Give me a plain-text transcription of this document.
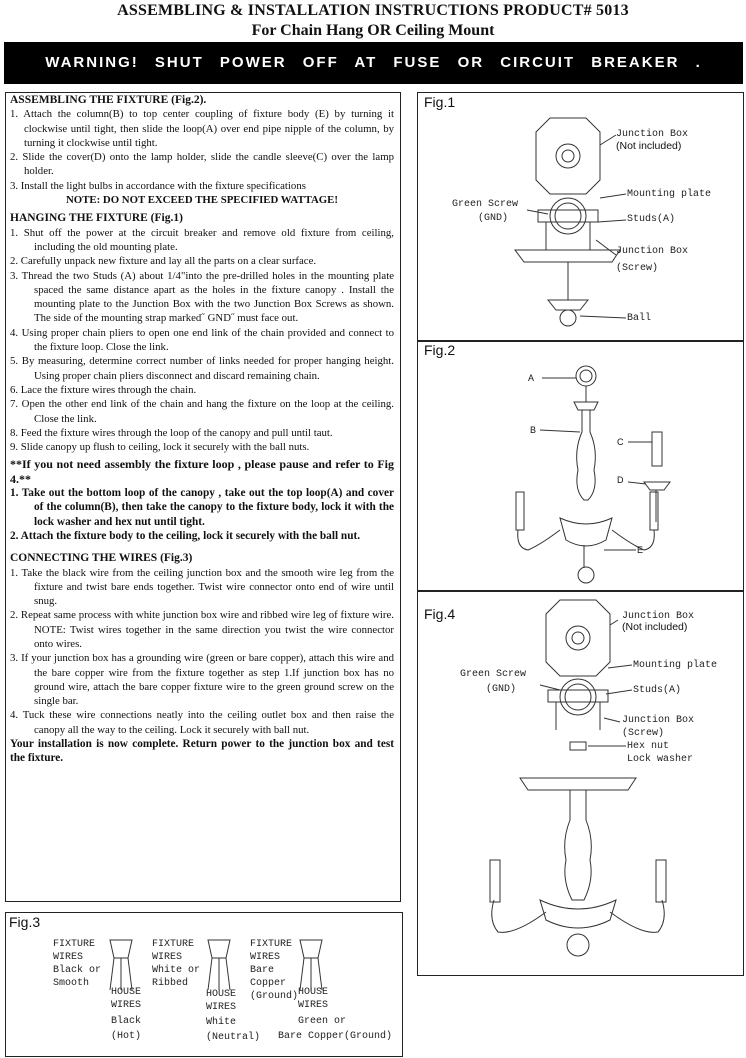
ASSEMBLING & INSTALLATION INSTRUCTIONS PRODUCT# 5013
For Chain Hang OR Ceiling Mount
WARNING! SHUT POWER OFF AT FUSE OR CIRCUIT BREAKER .

ASSEMBLING THE FIXTURE (Fig.2).

1. Attach the column(B) to top center coupling of fixture body (E) by turning it clockwise until tight, then slide the loop(A) over end pipe nipple of the column, by turning it clockwise until tight.

2. Slide the cover(D) onto the lamp holder, slide the candle sleeve(C) over the lamp holder.

3. Install the light bulbs in accordance with the fixture specifications

NOTE: DO NOT EXCEED THE SPECIFIED WATTAGE!

HANGING THE FIXTURE (Fig.1)

1. Shut off the power at the circuit breaker and remove old fixture from ceiling, including the old mounting plate.

2. Carefully unpack new fixture and lay all the parts on a clear surface.

3. Thread the two Studs (A) about 1/4"into the pre-drilled holes in the mounting plate spaced the same distance apart as the holes in the fixture canopy . Install the mounting plate to the Junction Box with the two Junction Box Screws as shown. The side of the mounting strap marked˝ GND˝ must face out.

4. Using proper chain pliers to open one end link of the chain provided and connect to the fixture loop. Close the link.

5. By measuring, determine correct number of links needed for proper hanging height. Using proper chain pliers disconnect and discard remaining chain.

6. Lace the fixture wires through the chain.

7. Open the other end link of the chain and hang the fixture on the loop at the ceiling. Close the link.

8. Feed the fixture wires through the loop of the canopy and pull until taut.

9. Slide canopy up flush to ceiling, lock it securely with the ball nuts.

**If you not need assembly the fixture loop , please pause and refer to Fig 4.**

1. Take out the bottom loop of the canopy , take out the top loop(A) and cover of the column(B), then take the canopy to the fixture body, lock it with the lock washer and hex nut until tight.

2. Attach the fixture body to the ceiling, lock it securely with the ball nut.

CONNECTING THE WIRES (Fig.3)

1. Take the black wire from the ceiling junction box and the smooth wire leg from the fixture and twist bare ends together. Twist wire connector onto end of wire until snug.

2. Repeat same process with white junction box wire and ribbed wire leg of fixture wire. NOTE: Twist wires together in the same direction you twist the wire connector onto wires.

3. If your junction box has a grounding wire (green or bare copper), attach this wire and the bare copper wire from the fixture together as step 1.If junction box has no ground wire, attach the bare copper fixture wire to the green ground screw on the single bar.

4. Tuck these wire connections neatly into the ceiling outlet box and then raise the canopy all the way to the ceiling. Lock it securely with ball nut.

Your installation is now complete. Return power to the junction box and test the fixture.

Fig.1
Junction Box
(Not included)
Green Screw
(GND)
Mounting plate
Studs(A)
Junction Box
(Screw)
Ball
Fig.2
A
B
C
D
E
Fig.4	Junction Box
(Not included)
Green Screw
(GND)
Mounting plate
Studs(A)
Junction Box
(Screw)
Hex nut
Lock washer
Fig.3
FIXTURE
WIRES
Black or
Smooth
HOUSE
WIRES
Black
(Hot)
FIXTURE
WIRES
White or
Ribbed
HOUSE
WIRES
White
(Neutral)
FIXTURE
WIRES
Bare
Copper
(Ground) HOUSE
WIRES
Green or
Bare Copper(Ground)
